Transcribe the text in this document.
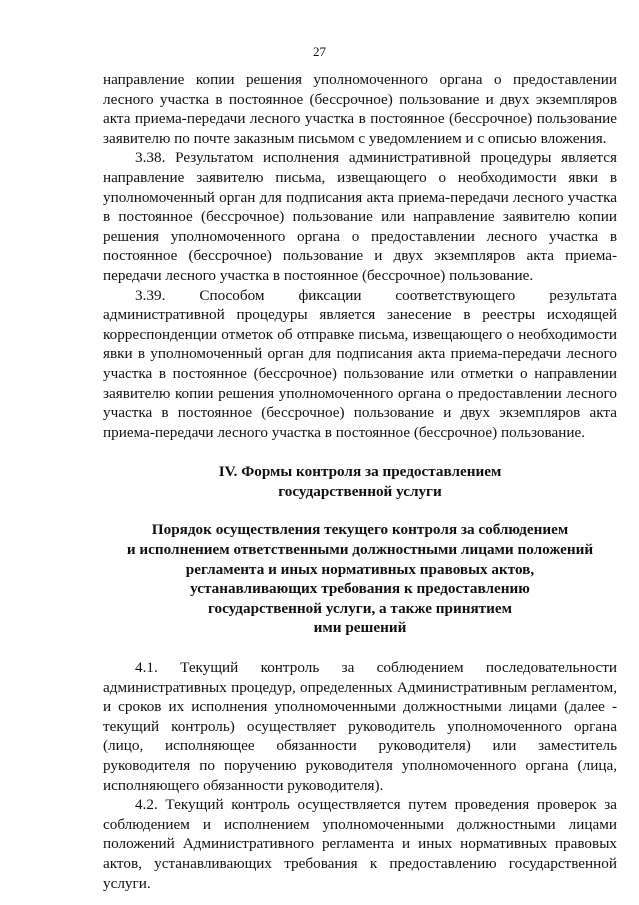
27

направление копии решения уполномоченного органа о предоставлении лесного участка в постоянное (бессрочное) пользование и двух экземпляров акта приема-передачи лесного участка в постоянное (бессрочное) пользование заявителю по почте заказным письмом с уведомлением и с описью вложения.

3.38. Результатом исполнения административной процедуры является направление заявителю письма, извещающего о необходимости явки в уполномоченный орган для подписания акта приема-передачи лесного участка в постоянное (бессрочное) пользование или направление заявителю копии решения уполномоченного органа о предоставлении лесного участка в постоянное (бессрочное) пользование и двух экземпляров акта приема-передачи лесного участка в постоянное (бессрочное) пользование.

3.39. Способом фиксации соответствующего результата административной процедуры является занесение в реестры исходящей корреспонденции отметок об отправке письма, извещающего о необходимости явки в уполномоченный орган для подписания акта приема-передачи лесного участка в постоянное (бессрочное) пользование или отметки о направлении заявителю копии решения уполномоченного органа о предоставлении лесного участка в постоянное (бессрочное) пользование и двух экземпляров акта приема-передачи лесного участка в постоянное (бессрочное) пользование.

IV. Формы контроля за предоставлением
государственной услуги
Порядок осуществления текущего контроля за соблюдением
и исполнением ответственными должностными лицами положений
регламента и иных нормативных правовых актов,
устанавливающих требования к предоставлению
государственной услуги, а также принятием
ими решений

4.1. Текущий контроль за соблюдением последовательности административных процедур, определенных Административным регламентом, и сроков их исполнения уполномоченными должностными лицами (далее - текущий контроль) осуществляет руководитель уполномоченного органа (лицо, исполняющее обязанности руководителя) или заместитель руководителя по поручению руководителя уполномоченного органа (лица, исполняющего обязанности руководителя).

4.2. Текущий контроль осуществляется путем проведения проверок за соблюдением и исполнением уполномоченными должностными лицами положений Административного регламента и иных нормативных правовых актов, устанавливающих требования к предоставлению государственной услуги.
